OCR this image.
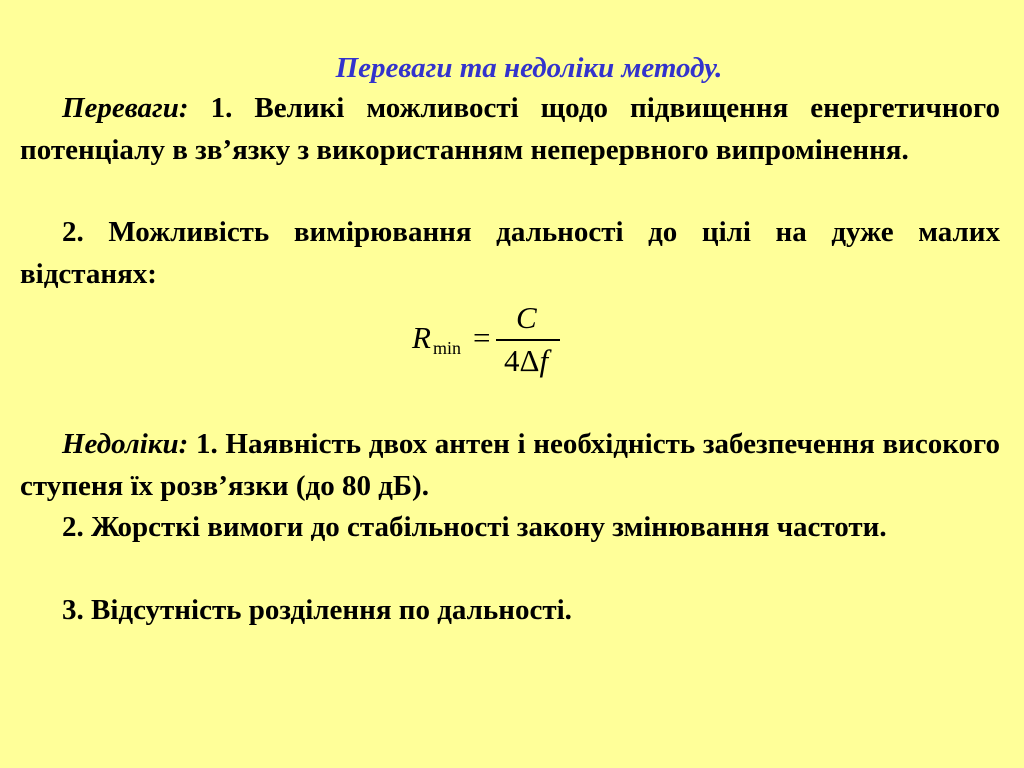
Переваги та недоліки методу.

Переваги: 1. Великі можливості щодо підвищення енергетичного потенціалу в зв’язку з використанням неперервного випромінення.

2. Можливість вимірювання дальності до цілі на дуже малих відстанях:

R min =
C
4Δf

Недоліки: 1. Наявність двох антен і необхідність забезпечення високого ступеня їх розв’язки (до 80 дБ).

2. Жорсткі вимоги до стабільності закону змінювання частоти.

3. Відсутність розділення по дальності.
